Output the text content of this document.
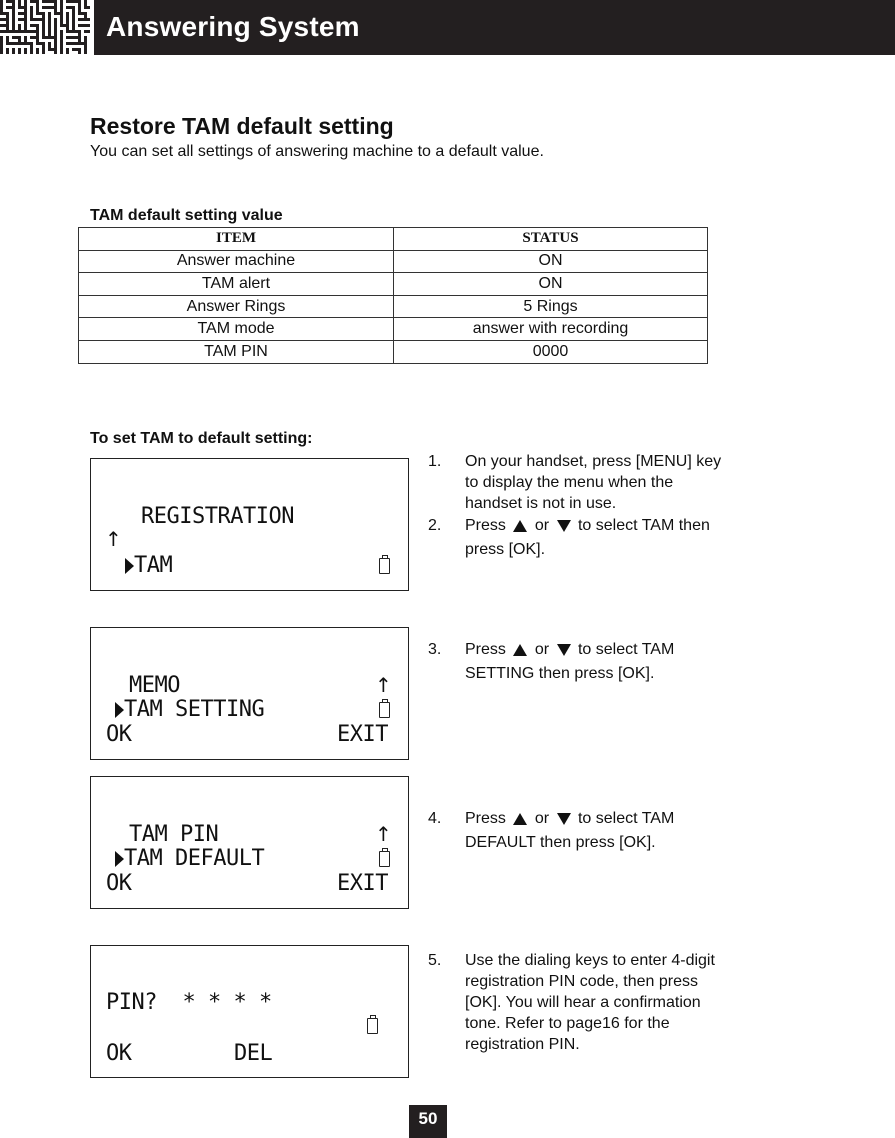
Answering System
Restore TAM default setting
You can set all settings of answering machine to a default value.
TAM default setting value
ITEM	STATUS
Answer machine	ON
TAM alert	ON
Answer Rings	5 Rings
TAM mode	answer with recording
TAM PIN	0000
To set TAM to default setting:
REGISTRATION
↑
TAM
MEMO	↑
TAM SETTING
OK	EXIT
TAM PIN	↑
TAM DEFAULT
OK	EXIT
PIN?  * * * *
OK	DEL
1. On your handset, press [MENU] key
to display the menu when the
handset is not in use.
2. Press or to select TAM then
press [OK].
3. Press or to select TAM
SETTING then press [OK].
4. Press or to select TAM
DEFAULT then press [OK].
5. Use the dialing keys to enter 4-digit
registration PIN code, then press
[OK]. You will hear a confirmation
tone. Refer to page16 for the
registration PIN.
50
